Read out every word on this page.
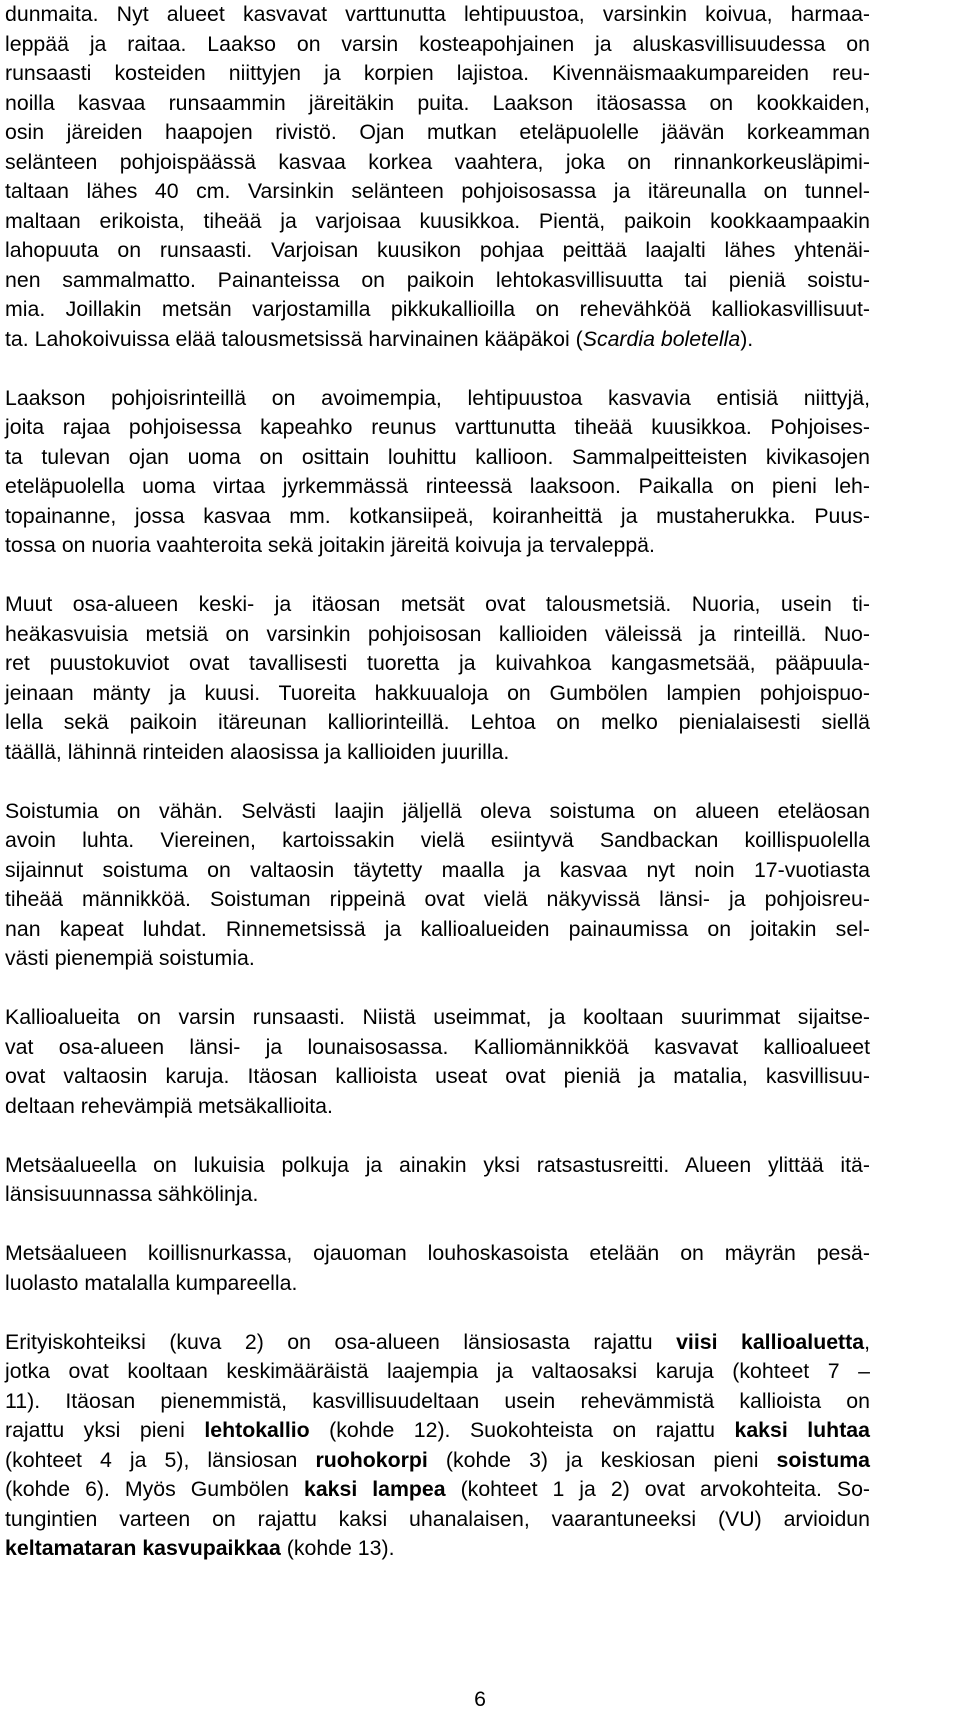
dunmaita. Nyt alueet kasvavat varttunutta lehtipuustoa, varsinkin koivua, harmaa-
leppää ja raitaa. Laakso on varsin kosteapohjainen ja aluskasvillisuudessa on
runsaasti kosteiden niittyjen ja korpien lajistoa. Kivennäismaakumpareiden reu-
noilla kasvaa runsaammin järeitäkin puita. Laakson itäosassa on kookkaiden,
osin järeiden haapojen rivistö. Ojan mutkan eteläpuolelle jäävän korkeamman
selänteen pohjoispäässä kasvaa korkea vaahtera, joka on rinnankorkeusläpimi-
taltaan lähes 40 cm. Varsinkin selänteen pohjoisosassa ja itäreunalla on tunnel-
maltaan erikoista, tiheää ja varjoisaa kuusikkoa. Pientä, paikoin kookkaampaakin
lahopuuta on runsaasti. Varjoisan kuusikon pohjaa peittää laajalti lähes yhtenäi-
nen sammalmatto. Painanteissa on paikoin lehtokasvillisuutta tai pieniä soistu-
mia. Joillakin metsän varjostamilla pikkukallioilla on rehevähköä kalliokasvillisuut-
ta. Lahokoivuissa elää talousmetsissä harvinainen kääpäkoi (Scardia boletella).
Laakson pohjoisrinteillä on avoimempia, lehtipuustoa kasvavia entisiä niittyjä,
joita rajaa pohjoisessa kapeahko reunus varttunutta tiheää kuusikkoa. Pohjoises-
ta tulevan ojan uoma on osittain louhittu kallioon. Sammalpeitteisten kivikasojen
eteläpuolella uoma virtaa jyrkemmässä rinteessä laaksoon. Paikalla on pieni leh-
topainanne, jossa kasvaa mm. kotkansiipeä, koiranheittä ja mustaherukka. Puus-
tossa on nuoria vaahteroita sekä joitakin järeitä koivuja ja tervaleppä.
Muut osa-alueen keski- ja itäosan metsät ovat talousmetsiä. Nuoria, usein ti-
heäkasvuisia metsiä on varsinkin pohjoisosan kallioiden väleissä ja rinteillä. Nuo-
ret puustokuviot ovat tavallisesti tuoretta ja kuivahkoa kangasmetsää, pääpuula-
jeinaan mänty ja kuusi. Tuoreita hakkuualoja on Gumbölen lampien pohjoispuo-
lella sekä paikoin itäreunan kalliorinteillä. Lehtoa on melko pienialaisesti siellä
täällä, lähinnä rinteiden alaosissa ja kallioiden juurilla.
Soistumia on vähän. Selvästi laajin jäljellä oleva soistuma on alueen eteläosan
avoin luhta. Viereinen, kartoissakin vielä esiintyvä Sandbackan koillispuolella
sijainnut soistuma on valtaosin täytetty maalla ja kasvaa nyt noin 17-vuotiasta
tiheää männikköä. Soistuman rippeinä ovat vielä näkyvissä länsi- ja pohjoisreu-
nan kapeat luhdat. Rinnemetsissä ja kallioalueiden painaumissa on joitakin sel-
västi pienempiä soistumia.
Kallioalueita on varsin runsaasti. Niistä useimmat, ja kooltaan suurimmat sijaitse-
vat osa-alueen länsi- ja lounaisosassa. Kalliomännikköä kasvavat kallioalueet
ovat valtaosin karuja. Itäosan kallioista useat ovat pieniä ja matalia, kasvillisuu-
deltaan rehevämpiä metsäkallioita.
Metsäalueella on lukuisia polkuja ja ainakin yksi ratsastusreitti. Alueen ylittää itä-
länsisuunnassa sähkölinja.
Metsäalueen koillisnurkassa, ojauoman louhoskasoista etelään on mäyrän pesä-
luolasto matalalla kumpareella.
Erityiskohteiksi (kuva 2) on osa-alueen länsiosasta rajattu viisi kallioaluetta,
jotka ovat kooltaan keskimääräistä laajempia ja valtaosaksi karuja (kohteet 7 –
11). Itäosan pienemmistä, kasvillisuudeltaan usein rehevämmistä kallioista on
rajattu yksi pieni lehtokallio (kohde 12). Suokohteista on rajattu kaksi luhtaa
(kohteet 4 ja 5), länsiosan ruohokorpi (kohde 3) ja keskiosan pieni soistuma
(kohde 6). Myös Gumbölen kaksi lampea (kohteet 1 ja 2) ovat arvokohteita. So-
tungintien varteen on rajattu kaksi uhanalaisen, vaarantuneeksi (VU) arvioidun
keltamataran kasvupaikkaa (kohde 13).
6
